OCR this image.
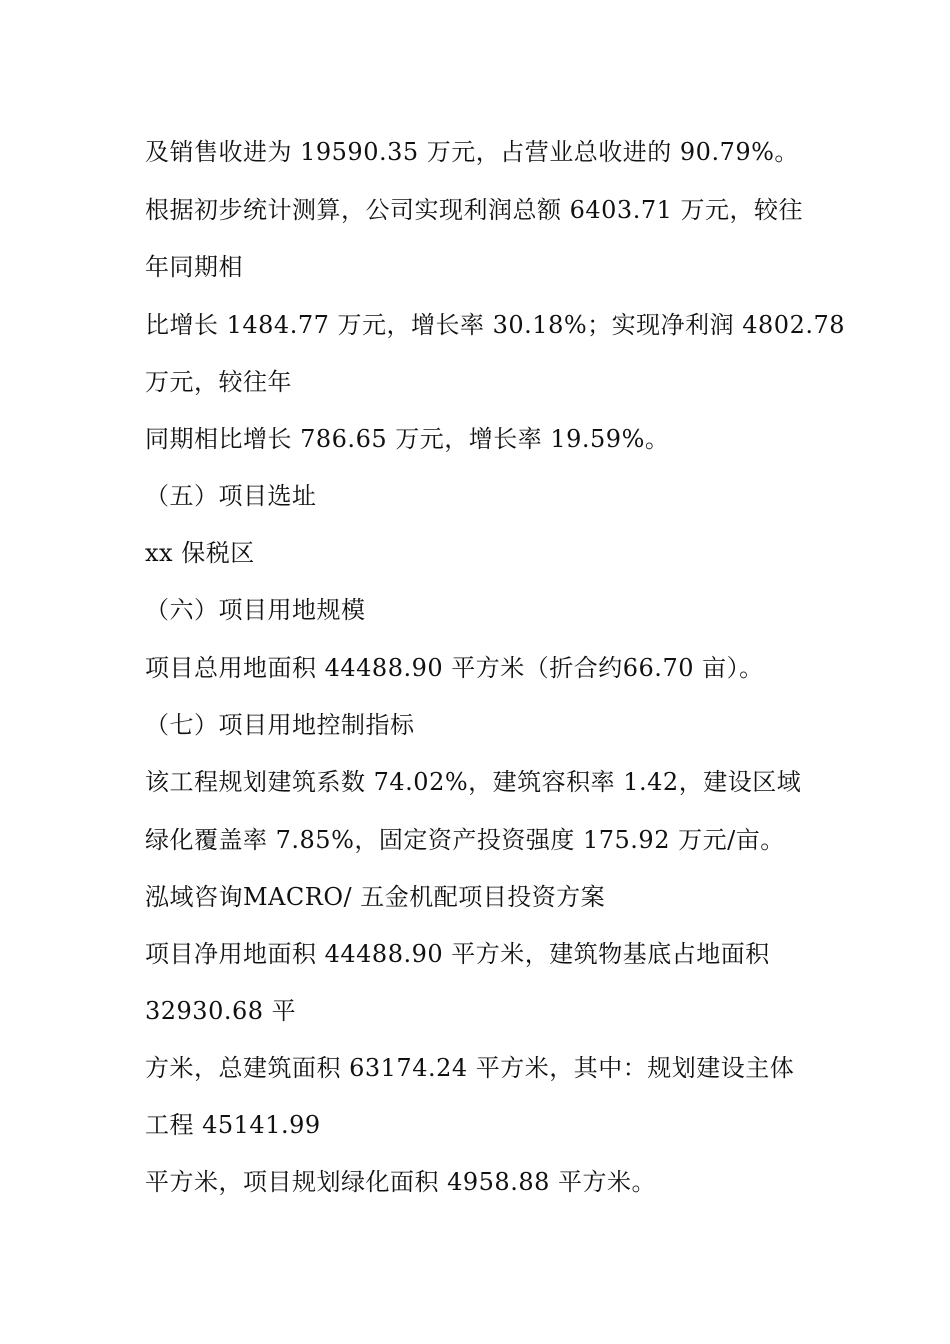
及销售收进为 19590.35 万元，占营业总收进的 90.79%。
根据初步统计测算，公司实现利润总额 6403.71 万元，较往
年同期相
比增长 1484.77 万元，增长率 30.18%；实现净利润 4802.78
万元，较往年
同期相比增长 786.65 万元，增长率 19.59%。
（五）项目选址
xx 保税区
（六）项目用地规模
项目总用地面积 44488.90 平方米（折合约66.70 亩）。
（七）项目用地控制指标
该工程规划建筑系数 74.02%，建筑容积率 1.42，建设区域
绿化覆盖率 7.85%，固定资产投资强度 175.92 万元/亩。
泓域咨询MACRO/ 五金机配项目投资方案
项目净用地面积 44488.90 平方米，建筑物基底占地面积
32930.68 平
方米，总建筑面积 63174.24 平方米，其中：规划建设主体
工程 45141.99
平方米，项目规划绿化面积 4958.88 平方米。
